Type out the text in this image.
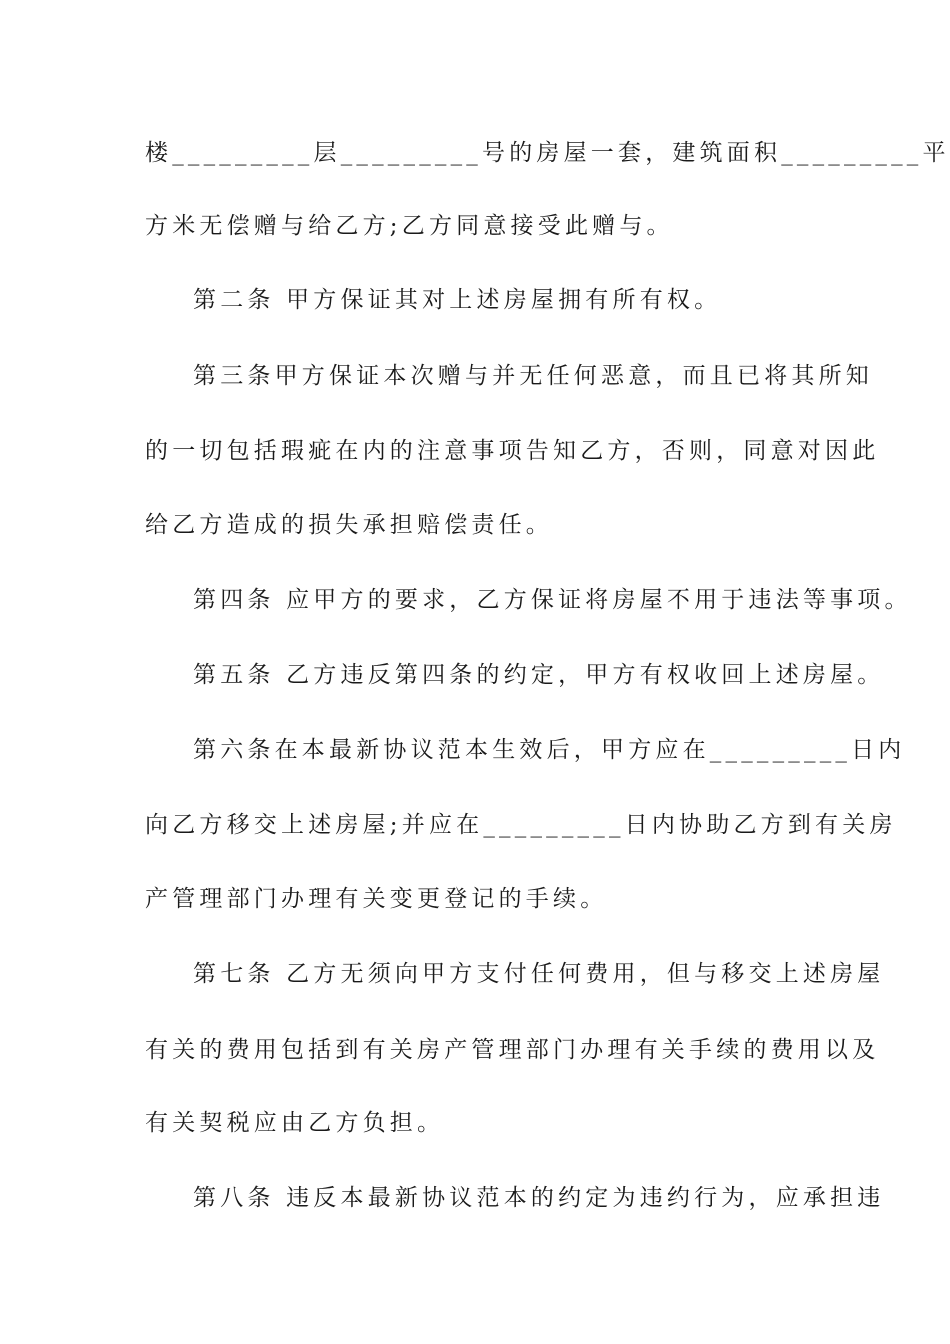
楼_________层_________号的房屋一套，建筑面积_________平
方米无偿赠与给乙方;乙方同意接受此赠与。
第二条 甲方保证其对上述房屋拥有所有权。
第三条甲方保证本次赠与并无任何恶意，而且已将其所知
的一切包括瑕疵在内的注意事项告知乙方，否则，同意对因此
给乙方造成的损失承担赔偿责任。
第四条 应甲方的要求，乙方保证将房屋不用于违法等事项。
第五条 乙方违反第四条的约定，甲方有权收回上述房屋。
第六条在本最新协议范本生效后，甲方应在_________日内
向乙方移交上述房屋;并应在_________日内协助乙方到有关房
产管理部门办理有关变更登记的手续。
第七条 乙方无须向甲方支付任何费用，但与移交上述房屋
有关的费用包括到有关房产管理部门办理有关手续的费用以及
有关契税应由乙方负担。
第八条 违反本最新协议范本的约定为违约行为，应承担违
